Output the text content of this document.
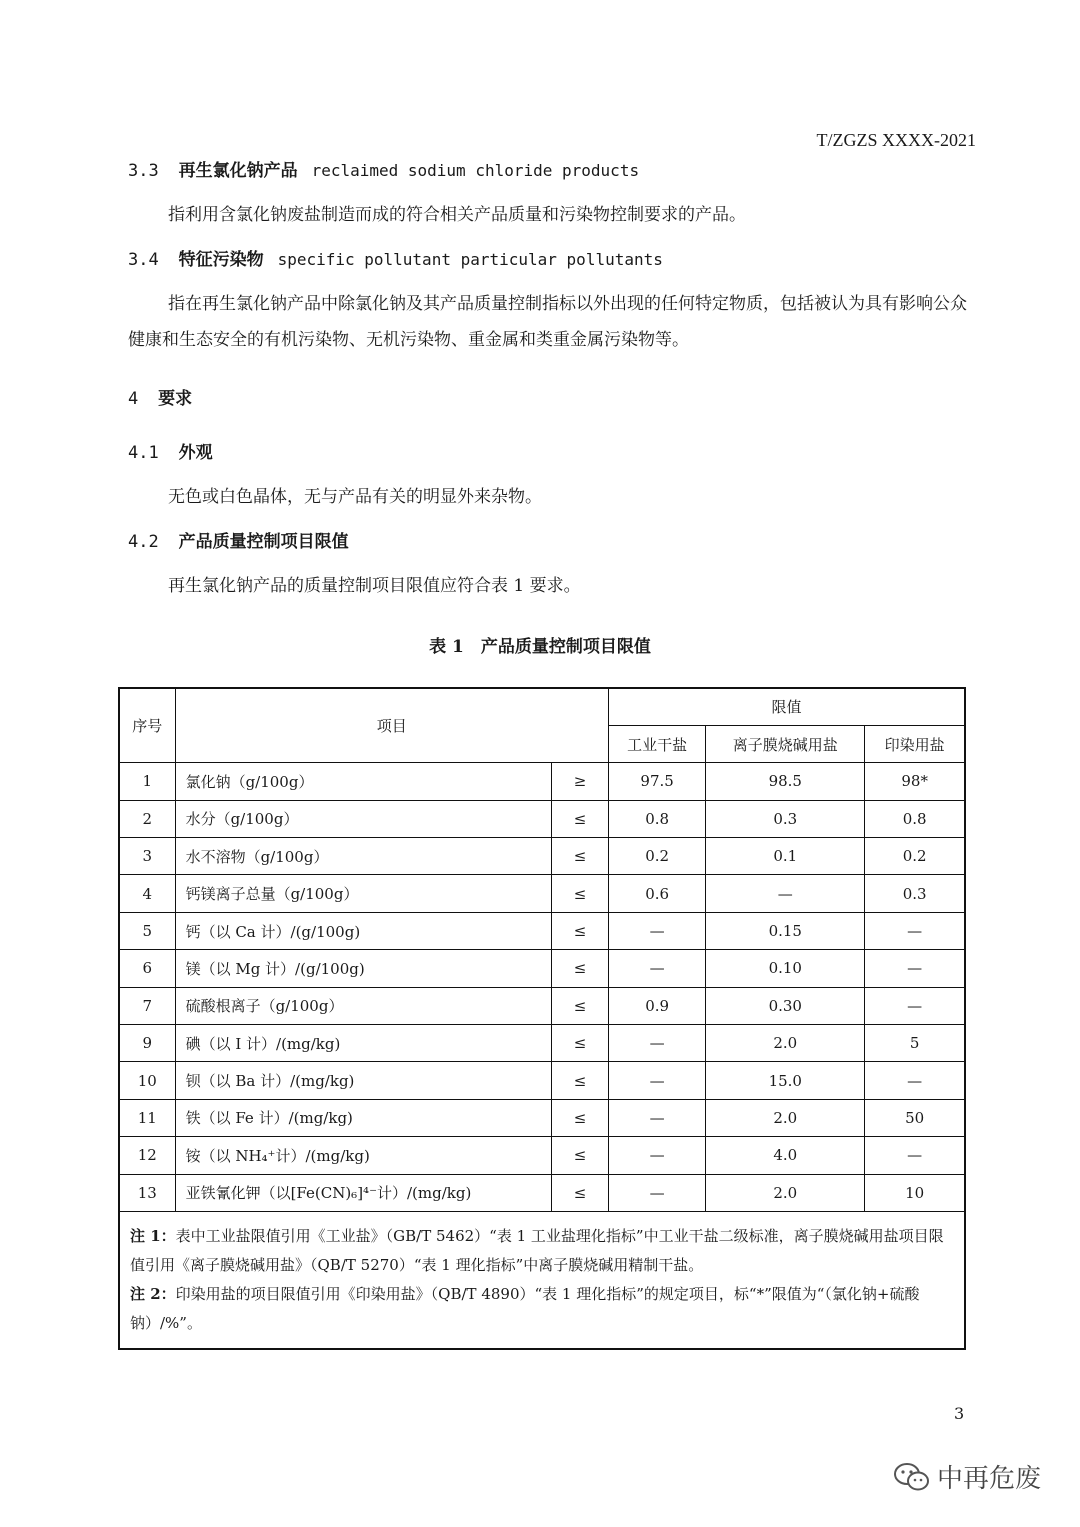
T/ZGZS XXXX-2021
3.3 再生氯化钠产品 reclaimed sodium chloride products
指利用含氯化钠废盐制造而成的符合相关产品质量和污染物控制要求的产品。
3.4 特征污染物 specific pollutant particular pollutants
指在再生氯化钠产品中除氯化钠及其产品质量控制指标以外出现的任何特定物质，包括被认为具有影响公众健康和生态安全的有机污染物、无机污染物、重金属和类重金属污染物等。
4 要求
4.1 外观
无色或白色晶体，无与产品有关的明显外来杂物。
4.2 产品质量控制项目限值
再生氯化钠产品的质量控制项目限值应符合表 1 要求。
表 1　产品质量控制项目限值
序号	项目		限值		
			工业干盐	离子膜烧碱用盐	印染用盐
1	氯化钠（g/100g）	≥	97.5	98.5	98*
2	水分（g/100g）	≤	0.8	0.3	0.8
3	水不溶物（g/100g）	≤	0.2	0.1	0.2
4	钙镁离子总量（g/100g）	≤	0.6	—	0.3
5	钙（以 Ca 计）/(g/100g)	≤	—	0.15	—
6	镁（以 Mg 计）/(g/100g)	≤	—	0.10	—
7	硫酸根离子（g/100g）	≤	0.9	0.30	—
9	碘（以 I 计）/(mg/kg)	≤	—	2.0	5
10	钡（以 Ba 计）/(mg/kg)	≤	—	15.0	—
11	铁（以 Fe 计）/(mg/kg)	≤	—	2.0	50
12	铵（以 NH₄⁺计）/(mg/kg)	≤	—	4.0	—
13	亚铁氰化钾（以[Fe(CN)₆]⁴⁻计）/(mg/kg)	≤	—	2.0	10

注 1：表中工业盐限值引用《工业盐》（GB/T 5462）“表 1 工业盐理化指标”中工业干盐二级标准，离子膜烧碱用盐项目限值引用《离子膜烧碱用盐》（QB/T 5270）“表 1 理化指标”中离子膜烧碱用精制干盐。
注 2：印染用盐的项目限值引用《印染用盐》（QB/T 4890）“表 1 理化指标”的规定项目，标“*”限值为“（氯化钠+硫酸钠）/%”。					
3
中再危废
